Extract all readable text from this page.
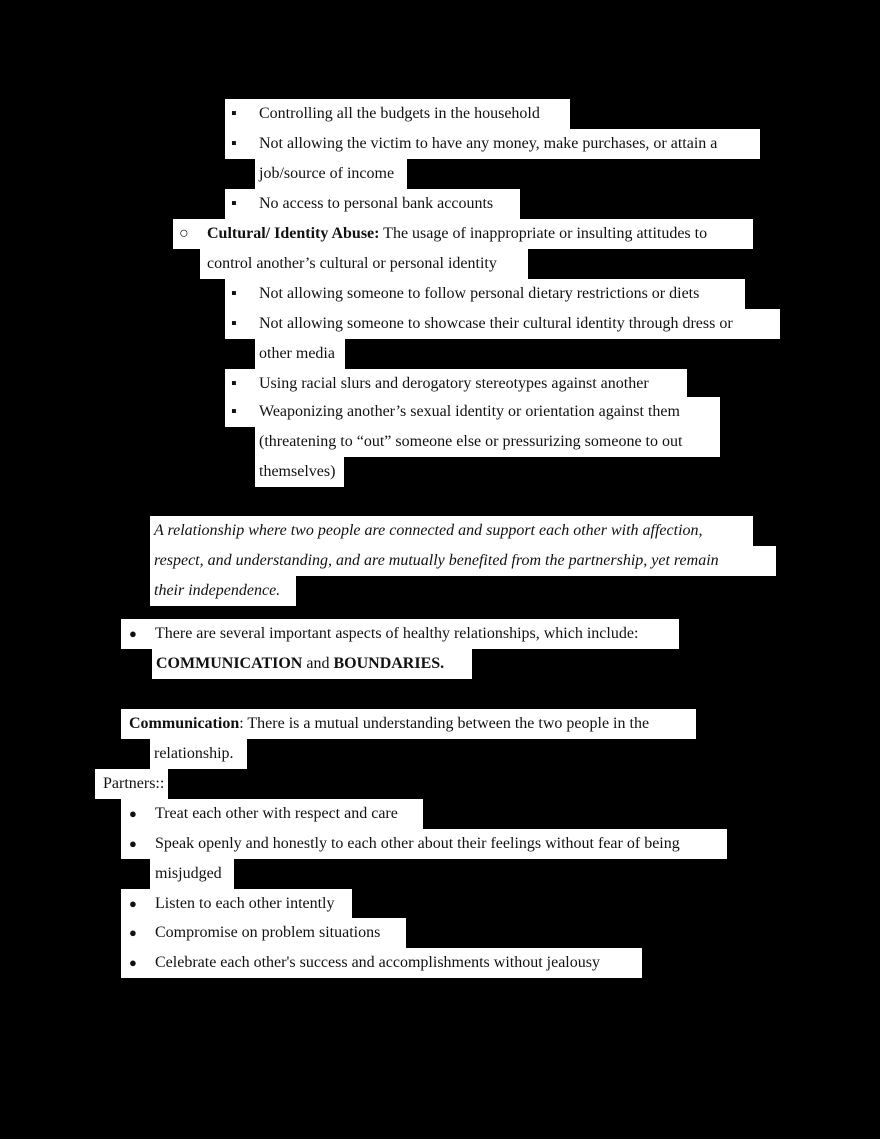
▪ Controlling all the budgets in the household
▪ Not allowing the victim to have any money, make purchases, or attain a
job/source of income
▪ No access to personal bank accounts
○ Cultural/ Identity Abuse: The usage of inappropriate or insulting attitudes to
control another’s cultural or personal identity
▪ Not allowing someone to follow personal dietary restrictions or diets
▪ Not allowing someone to showcase their cultural identity through dress or
other media
▪ Using racial slurs and derogatory stereotypes against another
▪ Weaponizing another’s sexual identity or orientation against them
(threatening to “out” someone else or pressurizing someone to out
themselves)
A relationship where two people are connected and support each other with affection,
respect, and understanding, and are mutually benefited from the partnership, yet remain
their independence.
● There are several important aspects of healthy relationships, which include:
COMMUNICATION and BOUNDARIES.
Communication: There is a mutual understanding between the two people in the
relationship.
Partners::
● Treat each other with respect and care
● Speak openly and honestly to each other about their feelings without fear of being
misjudged
● Listen to each other intently
● Compromise on problem situations
● Celebrate each other's success and accomplishments without jealousy
